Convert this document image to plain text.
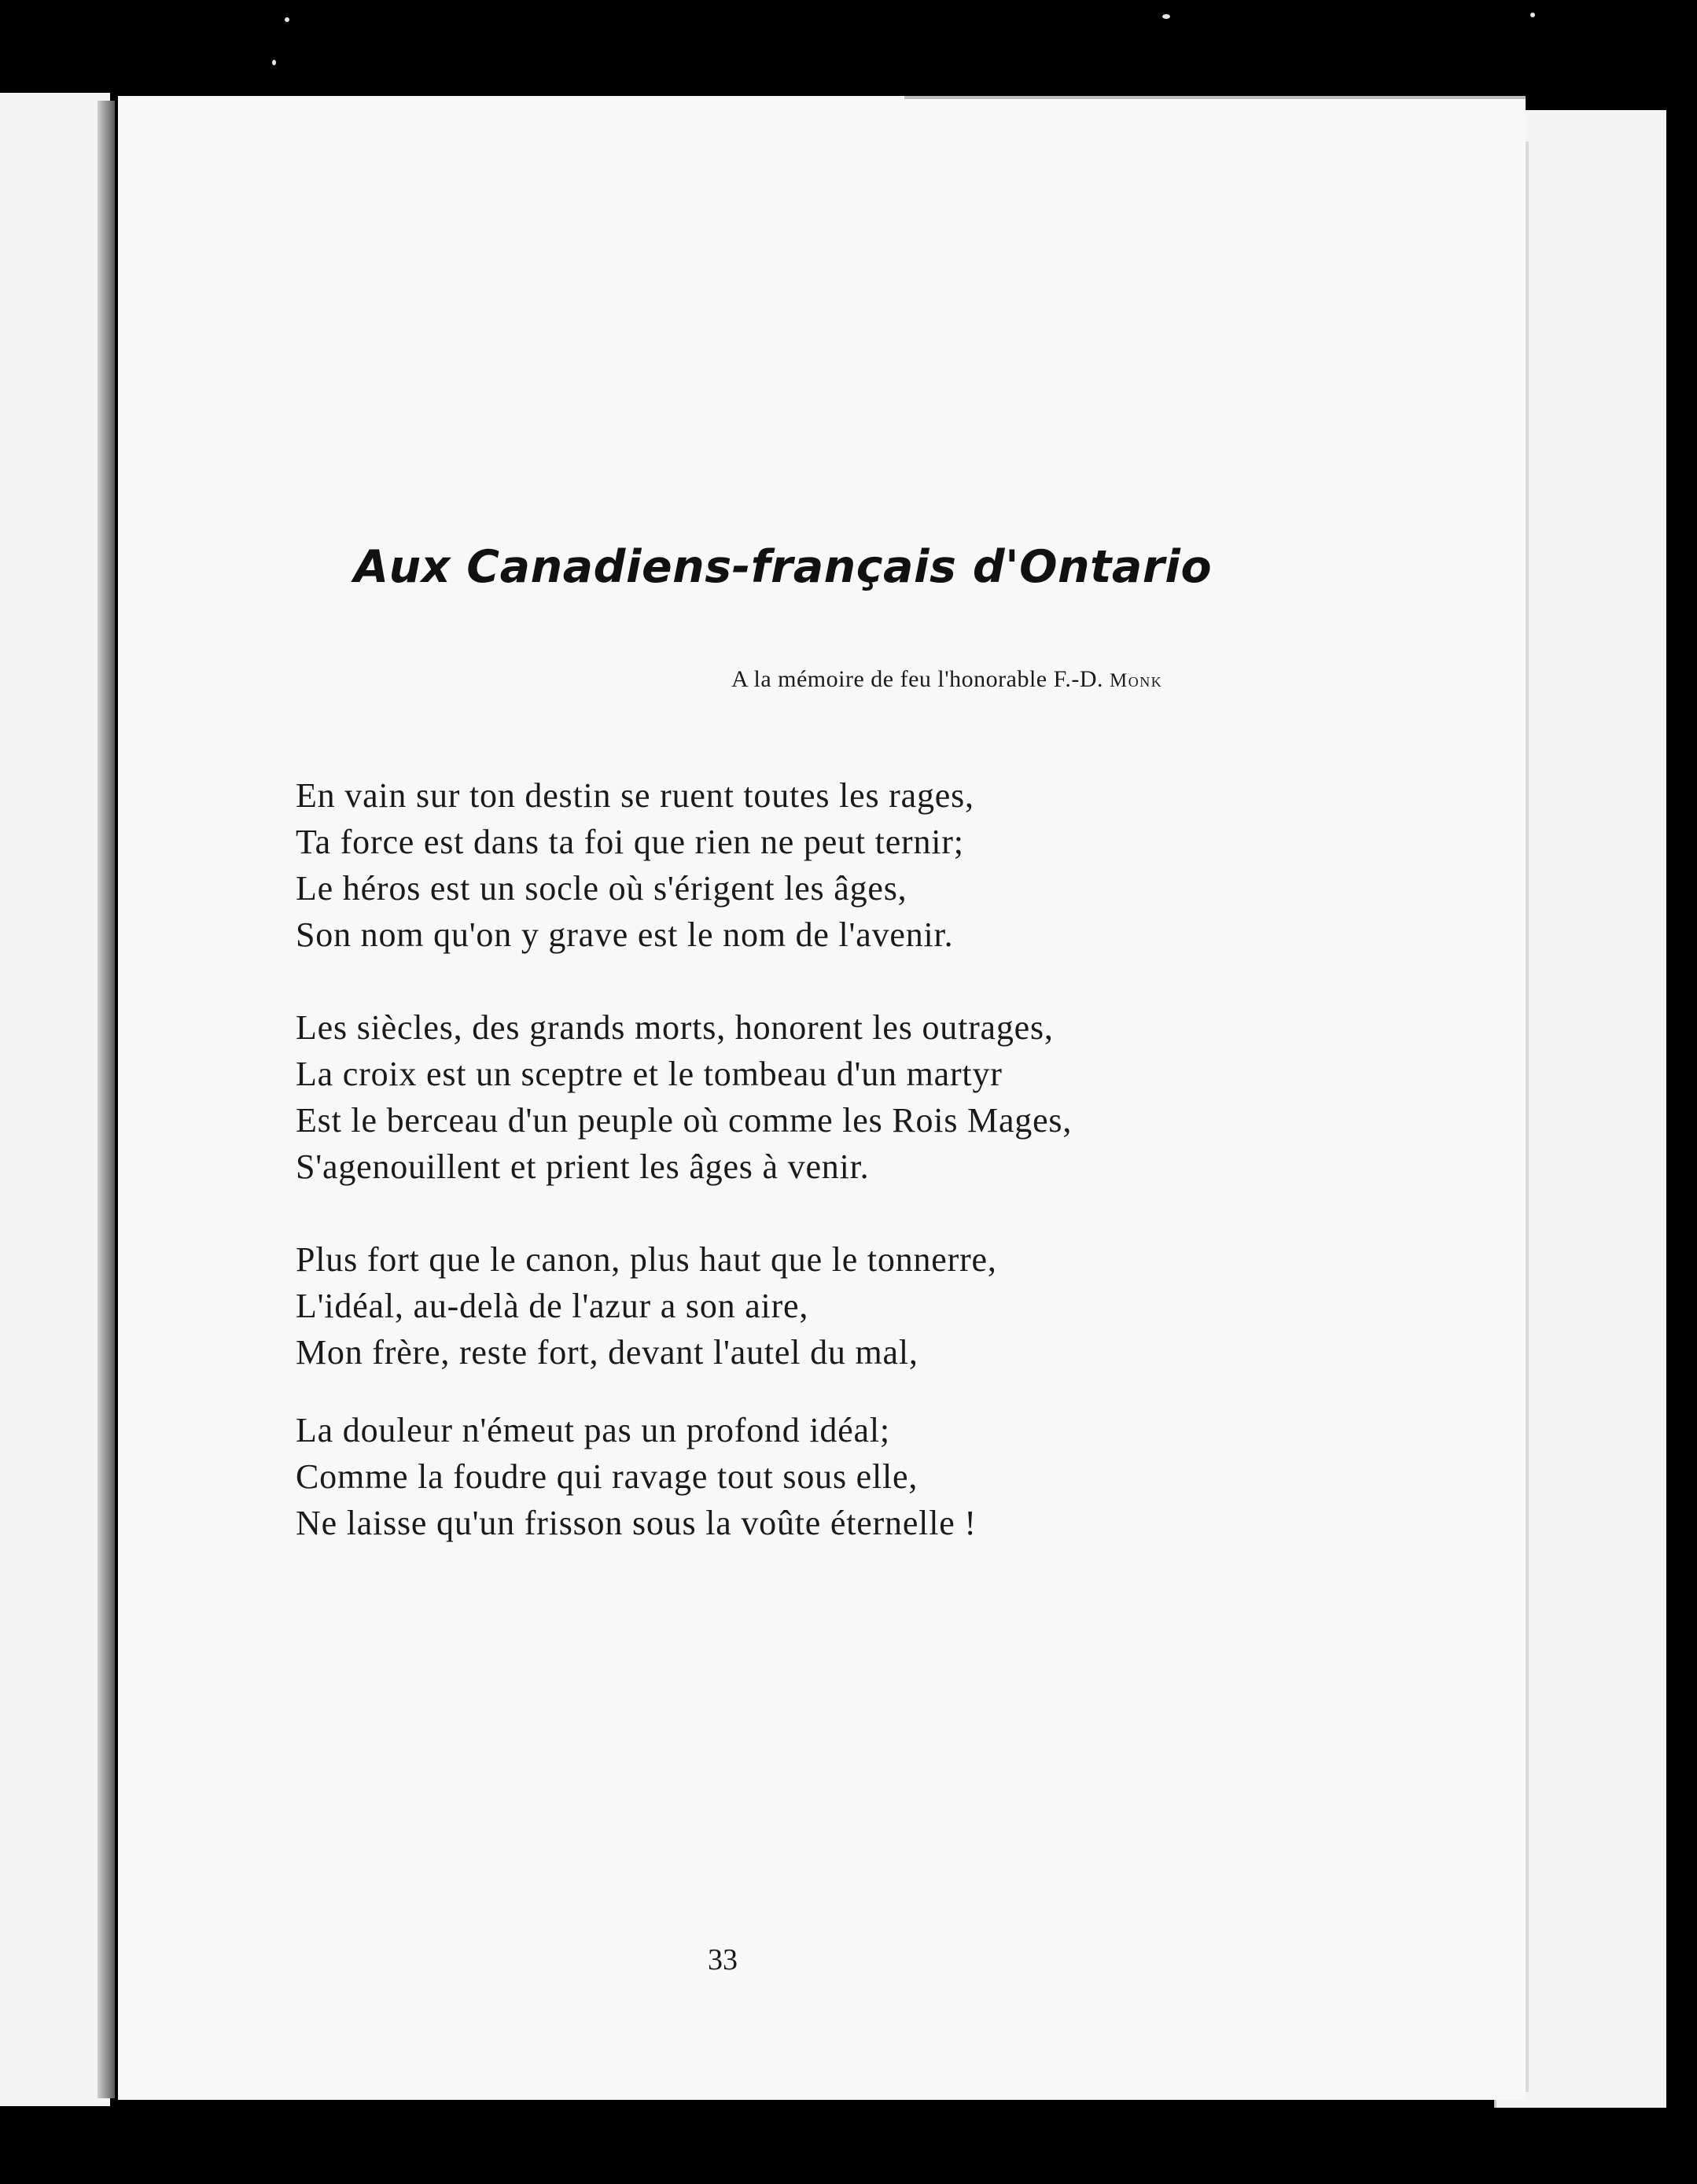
Aux Canadiens-français d'Ontario
A la mémoire de feu l'honorable F.-D. Monk
En vain sur ton destin se ruent toutes les rages,
Ta force est dans ta foi que rien ne peut ternir;
Le héros est un socle où s'érigent les âges,
Son nom qu'on y grave est le nom de l'avenir.
Les siècles, des grands morts, honorent les outrages,
La croix est un sceptre et le tombeau d'un martyr
Est le berceau d'un peuple où comme les Rois Mages,
S'agenouillent et prient les âges à venir.
Plus fort que le canon, plus haut que le tonnerre,
L'idéal, au-delà de l'azur a son aire,
Mon frère, reste fort, devant l'autel du mal,
La douleur n'émeut pas un profond idéal;
Comme la foudre qui ravage tout sous elle,
Ne laisse qu'un frisson sous la voûte éternelle !
33
